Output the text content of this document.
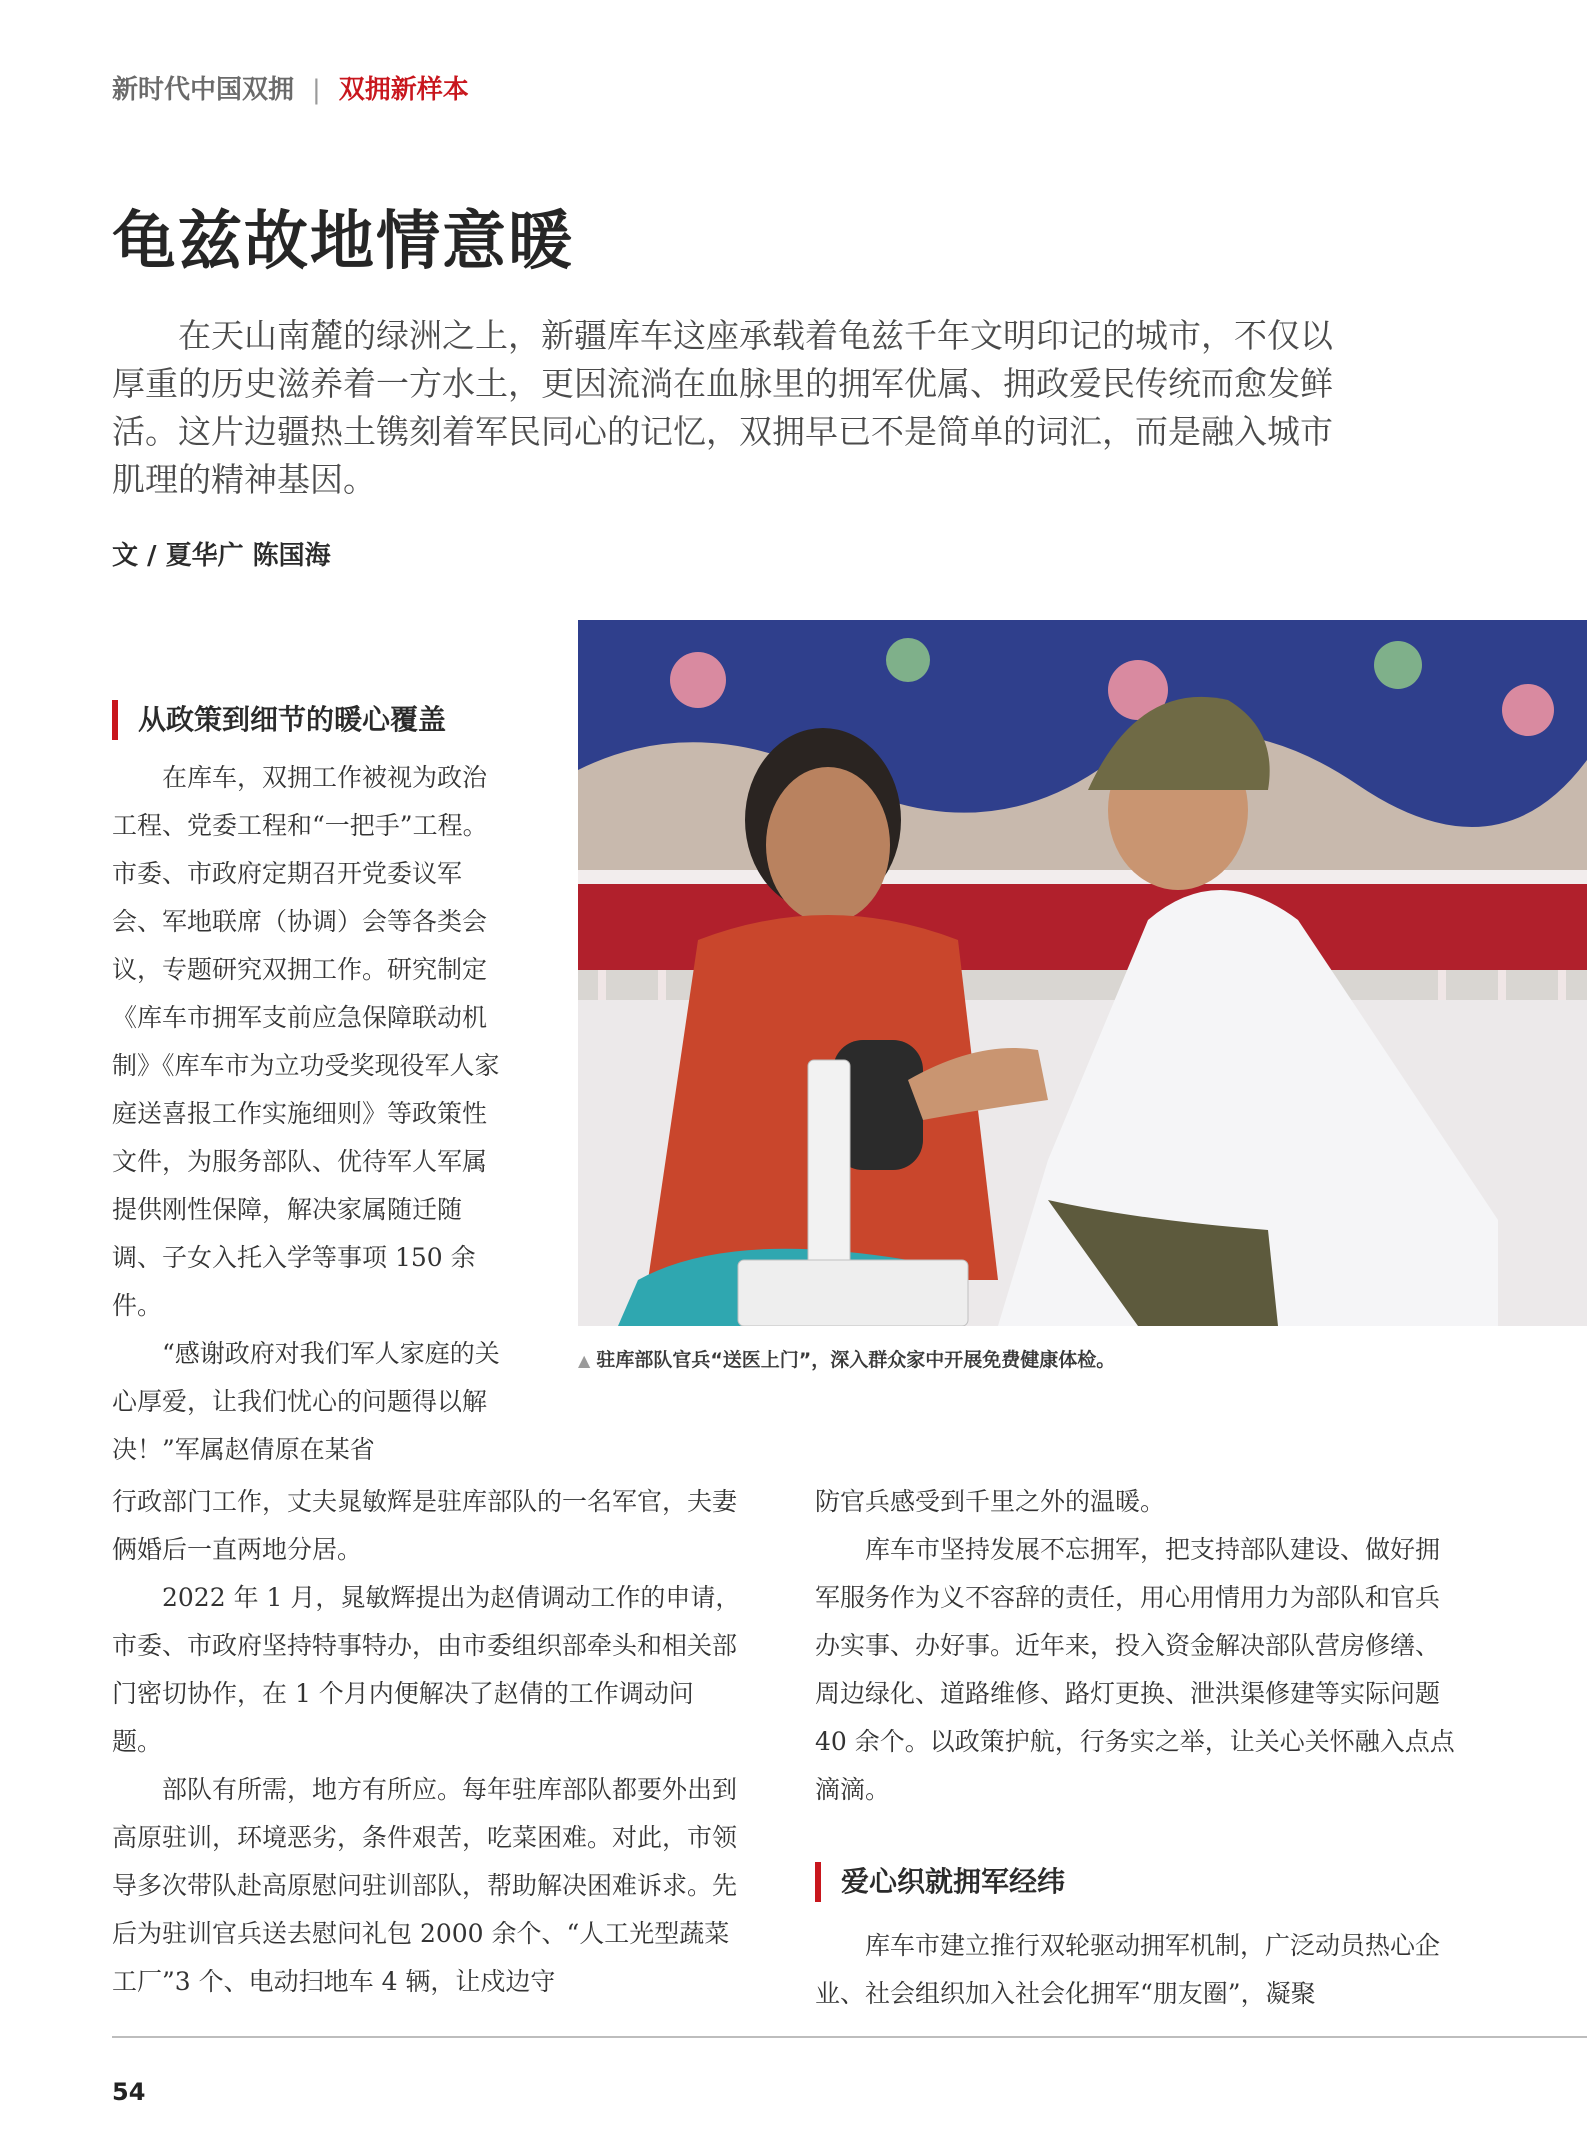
新时代中国双拥 | 双拥新样本
龟兹故地情意暖

在天山南麓的绿洲之上，新疆库车这座承载着龟兹千年文明印记的城市，不仅以厚重的历史滋养着一方水土，更因流淌在血脉里的拥军优属、拥政爱民传统而愈发鲜活。这片边疆热土镌刻着军民同心的记忆，双拥早已不是简单的词汇，而是融入城市肌理的精神基因。

文 / 夏华广 陈国海
▲ 驻库部队官兵“送医上门”，深入群众家中开展免费健康体检。
从政策到细节的暖心覆盖

在库车，双拥工作被视为政治工程、党委工程和“一把手”工程。市委、市政府定期召开党委议军会、军地联席（协调）会等各类会议，专题研究双拥工作。研究制定《库车市拥军支前应急保障联动机制》《库车市为立功受奖现役军人家庭送喜报工作实施细则》等政策性文件，为服务部队、优待军人军属提供刚性保障，解决家属随迁随调、子女入托入学等事项 150 余件。

“感谢政府对我们军人家庭的关心厚爱，让我们忧心的问题得以解决！”军属赵倩原在某省

行政部门工作，丈夫晁敏辉是驻库部队的一名军官，夫妻俩婚后一直两地分居。

2022 年 1 月，晁敏辉提出为赵倩调动工作的申请，市委、市政府坚持特事特办，由市委组织部牵头和相关部门密切协作，在 1 个月内便解决了赵倩的工作调动问题。

部队有所需，地方有所应。每年驻库部队都要外出到高原驻训，环境恶劣，条件艰苦，吃菜困难。对此，市领导多次带队赴高原慰问驻训部队，帮助解决困难诉求。先后为驻训官兵送去慰问礼包 2000 余个、“人工光型蔬菜工厂”3 个、电动扫地车 4 辆，让戍边守

防官兵感受到千里之外的温暖。

库车市坚持发展不忘拥军，把支持部队建设、做好拥军服务作为义不容辞的责任，用心用情用力为部队和官兵办实事、办好事。近年来，投入资金解决部队营房修缮、周边绿化、道路维修、路灯更换、泄洪渠修建等实际问题 40 余个。以政策护航，行务实之举，让关心关怀融入点点滴滴。

爱心织就拥军经纬

库车市建立推行双轮驱动拥军机制，广泛动员热心企业、社会组织加入社会化拥军“朋友圈”，凝聚

54
